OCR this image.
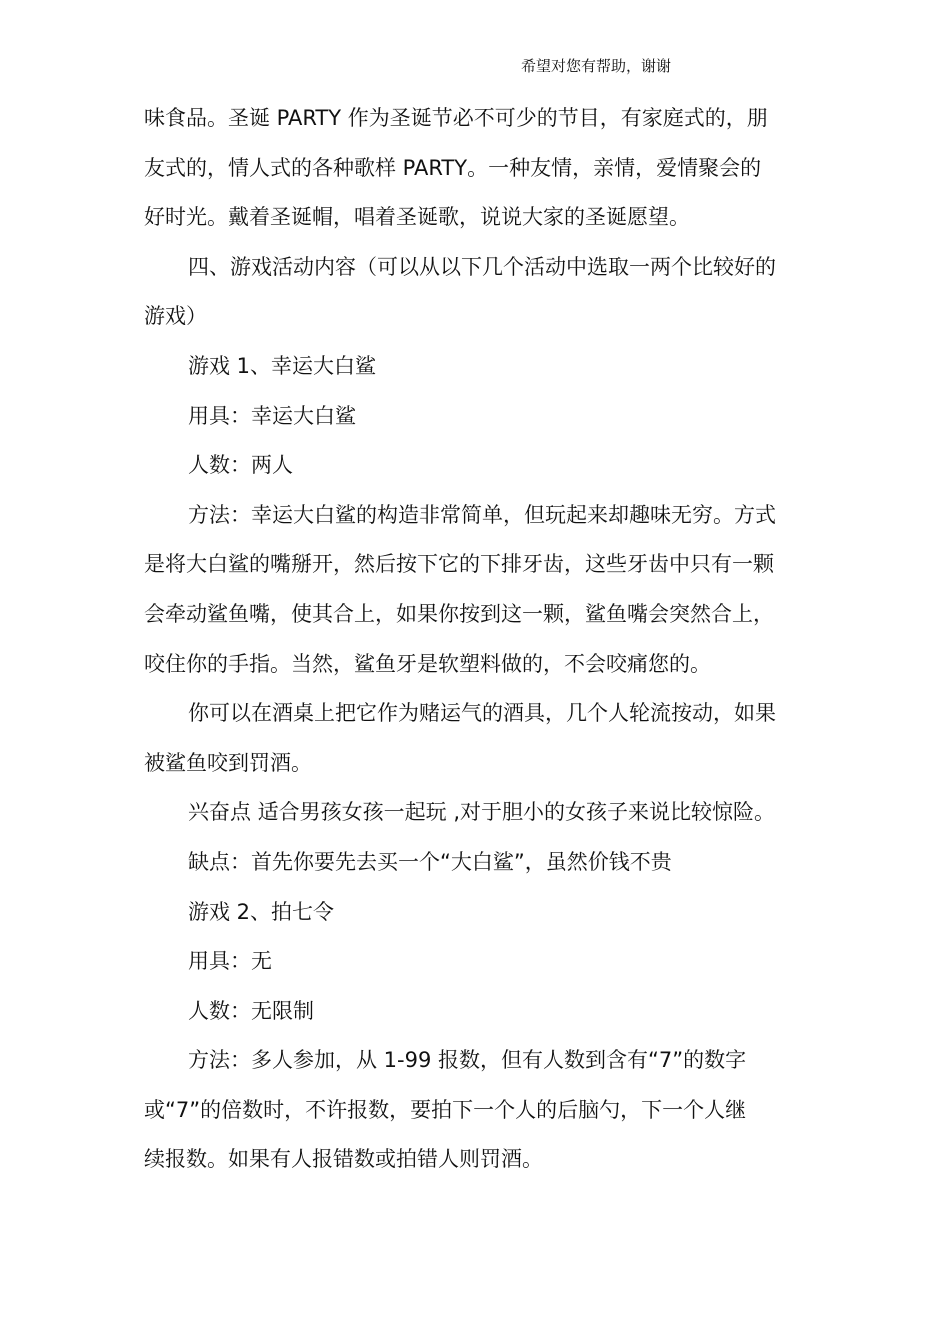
希望对您有帮助，谢谢
味食品。圣诞 PARTY 作为圣诞节必不可少的节目，有家庭式的，朋
友式的，情人式的各种歌样 PARTY。一种友情，亲情，爱情聚会的
好时光。戴着圣诞帽，唱着圣诞歌，说说大家的圣诞愿望。
四、游戏活动内容（可以从以下几个活动中选取一两个比较好的
游戏）
游戏 1、幸运大白鲨
用具：幸运大白鲨
人数：两人
方法：幸运大白鲨的构造非常简单，但玩起来却趣味无穷。方式
是将大白鲨的嘴掰开，然后按下它的下排牙齿，这些牙齿中只有一颗
会牵动鲨鱼嘴，使其合上，如果你按到这一颗，鲨鱼嘴会突然合上，
咬住你的手指。当然，鲨鱼牙是软塑料做的，不会咬痛您的。
你可以在酒桌上把它作为赌运气的酒具，几个人轮流按动，如果
被鲨鱼咬到罚酒。
兴奋点 适合男孩女孩一起玩 ,对于胆小的女孩子来说比较惊险。
缺点：首先你要先去买一个“大白鲨”，虽然价钱不贵
游戏 2、拍七令
用具：无
人数：无限制
方法：多人参加，从 1-99 报数，但有人数到含有“7”的数字
或“7”的倍数时，不许报数，要拍下一个人的后脑勺，下一个人继
续报数。如果有人报错数或拍错人则罚酒。
